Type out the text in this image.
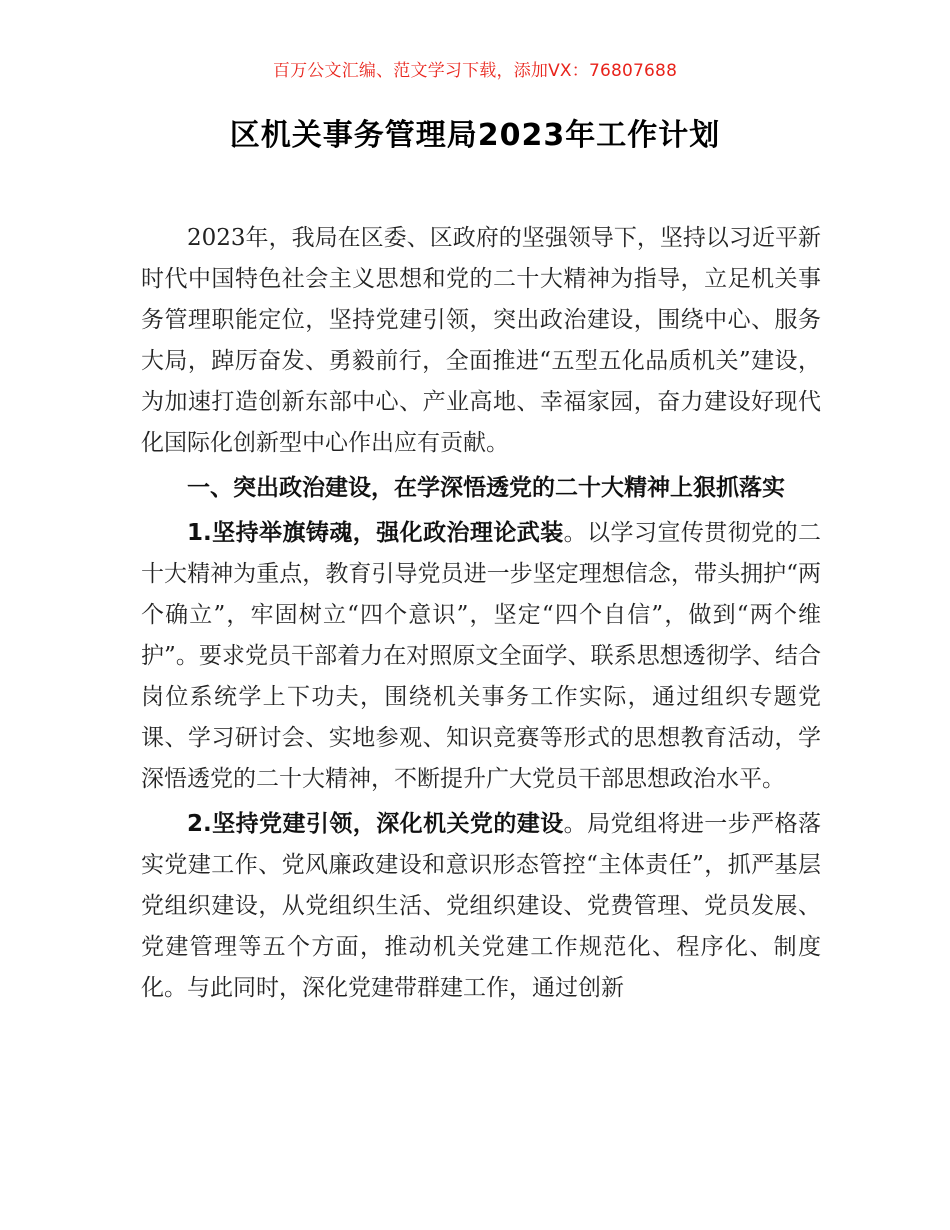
百万公文汇编、范文学习下载，添加VX：76807688
区机关事务管理局2023年工作计划

2023年，我局在区委、区政府的坚强领导下，坚持以习近平新时代中国特色社会主义思想和党的二十大精神为指导，立足机关事务管理职能定位，坚持党建引领，突出政治建设，围绕中心、服务大局，踔厉奋发、勇毅前行，全面推进“五型五化品质机关”建设，为加速打造创新东部中心、产业高地、幸福家园，奋力建设好现代化国际化创新型中心作出应有贡献。

一、突出政治建设，在学深悟透党的二十大精神上狠抓落实

1.坚持举旗铸魂，强化政治理论武装。以学习宣传贯彻党的二十大精神为重点，教育引导党员进一步坚定理想信念，带头拥护“两个确立”，牢固树立“四个意识”，坚定“四个自信”，做到“两个维护”。要求党员干部着力在对照原文全面学、联系思想透彻学、结合岗位系统学上下功夫，围绕机关事务工作实际，通过组织专题党课、学习研讨会、实地参观、知识竞赛等形式的思想教育活动，学深悟透党的二十大精神，不断提升广大党员干部思想政治水平。

2.坚持党建引领，深化机关党的建设。局党组将进一步严格落实党建工作、党风廉政建设和意识形态管控“主体责任”，抓严基层党组织建设，从党组织生活、党组织建设、党费管理、党员发展、党建管理等五个方面，推动机关党建工作规范化、程序化、制度化。与此同时，深化党建带群建工作，通过创新
